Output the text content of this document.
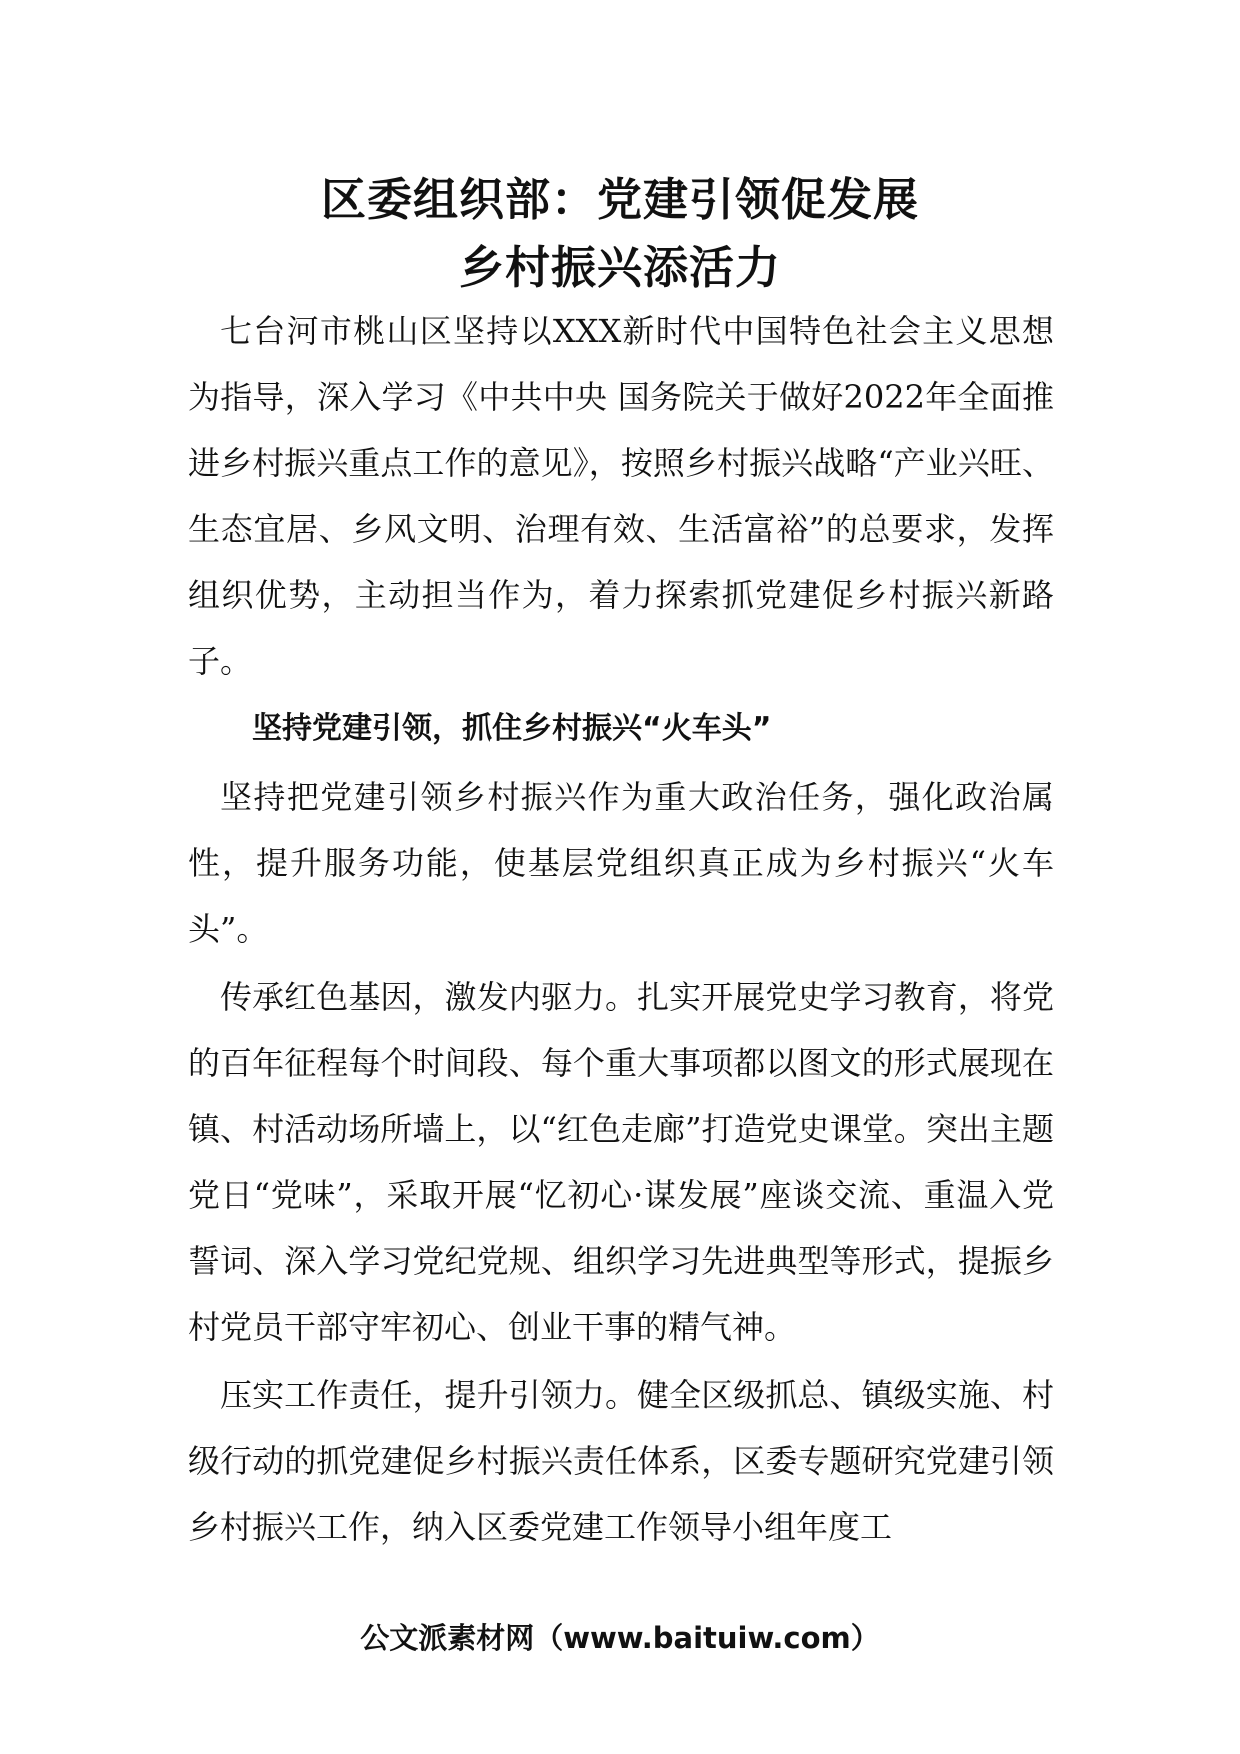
区委组织部：党建引领促发展
乡村振兴添活力

七台河市桃山区坚持以XXX新时代中国特色社会主义思想为指导，深入学习《中共中央 国务院关于做好2022年全面推进乡村振兴重点工作的意见》，按照乡村振兴战略“产业兴旺、生态宜居、乡风文明、治理有效、生活富裕”的总要求，发挥组织优势，主动担当作为，着力探索抓党建促乡村振兴新路子。

坚持党建引领，抓住乡村振兴“火车头”

坚持把党建引领乡村振兴作为重大政治任务，强化政治属性，提升服务功能，使基层党组织真正成为乡村振兴“火车头”。

传承红色基因，激发内驱力。扎实开展党史学习教育，将党的百年征程每个时间段、每个重大事项都以图文的形式展现在镇、村活动场所墙上，以“红色走廊”打造党史课堂。突出主题党日“党味”，采取开展“忆初心·谋发展”座谈交流、重温入党誓词、深入学习党纪党规、组织学习先进典型等形式，提振乡村党员干部守牢初心、创业干事的精气神。

压实工作责任，提升引领力。健全区级抓总、镇级实施、村级行动的抓党建促乡村振兴责任体系，区委专题研究党建引领乡村振兴工作，纳入区委党建工作领导小组年度工

公文派素材网（www.baituiw.com）
